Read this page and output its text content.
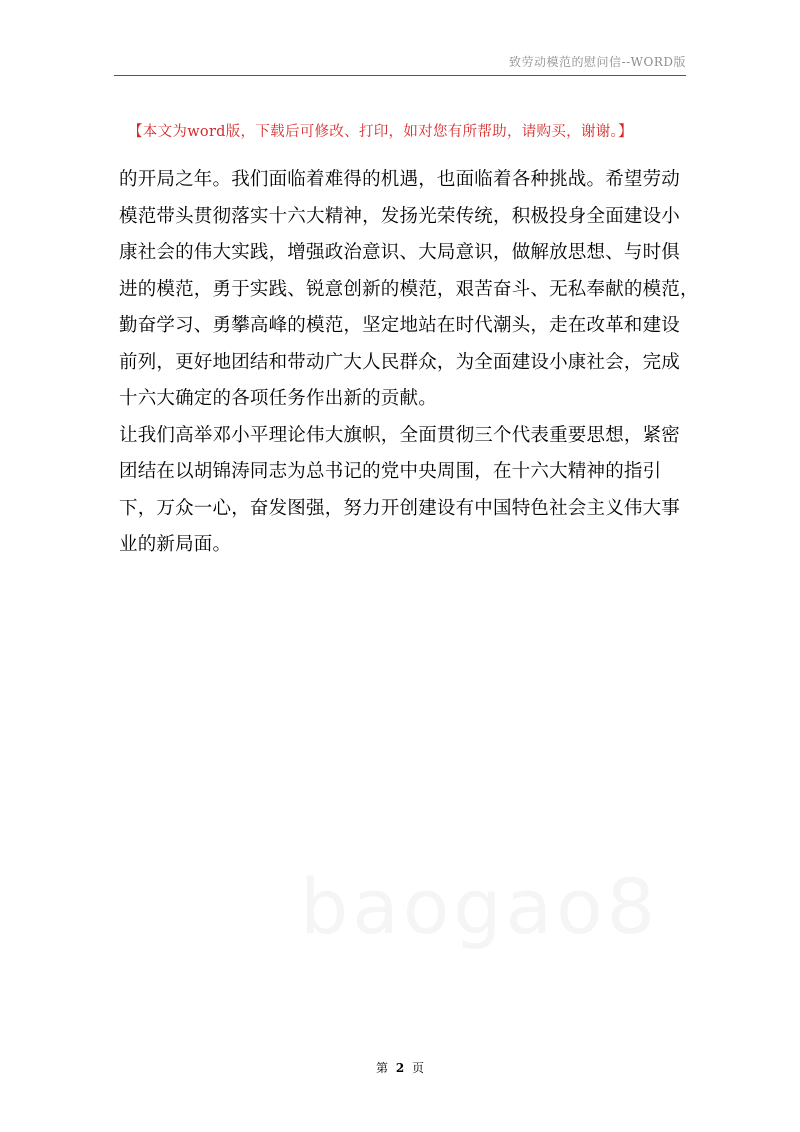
致劳动模范的慰问信--WORD版
【本文为word版，下载后可修改、打印，如对您有所帮助，请购买，谢谢。】
的开局之年。我们面临着难得的机遇，也面临着各种挑战。希望劳动
模范带头贯彻落实十六大精神，发扬光荣传统，积极投身全面建设小
康社会的伟大实践，增强政治意识、大局意识，做解放思想、与时俱
进的模范，勇于实践、锐意创新的模范，艰苦奋斗、无私奉献的模范，
勤奋学习、勇攀高峰的模范，坚定地站在时代潮头，走在改革和建设
前列，更好地团结和带动广大人民群众，为全面建设小康社会，完成
十六大确定的各项任务作出新的贡献。
让我们高举邓小平理论伟大旗帜，全面贯彻三个代表重要思想，紧密
团结在以胡锦涛同志为总书记的党中央周围，在十六大精神的指引
下，万众一心，奋发图强，努力开创建设有中国特色社会主义伟大事
业的新局面。
baogao8
第 2 页
